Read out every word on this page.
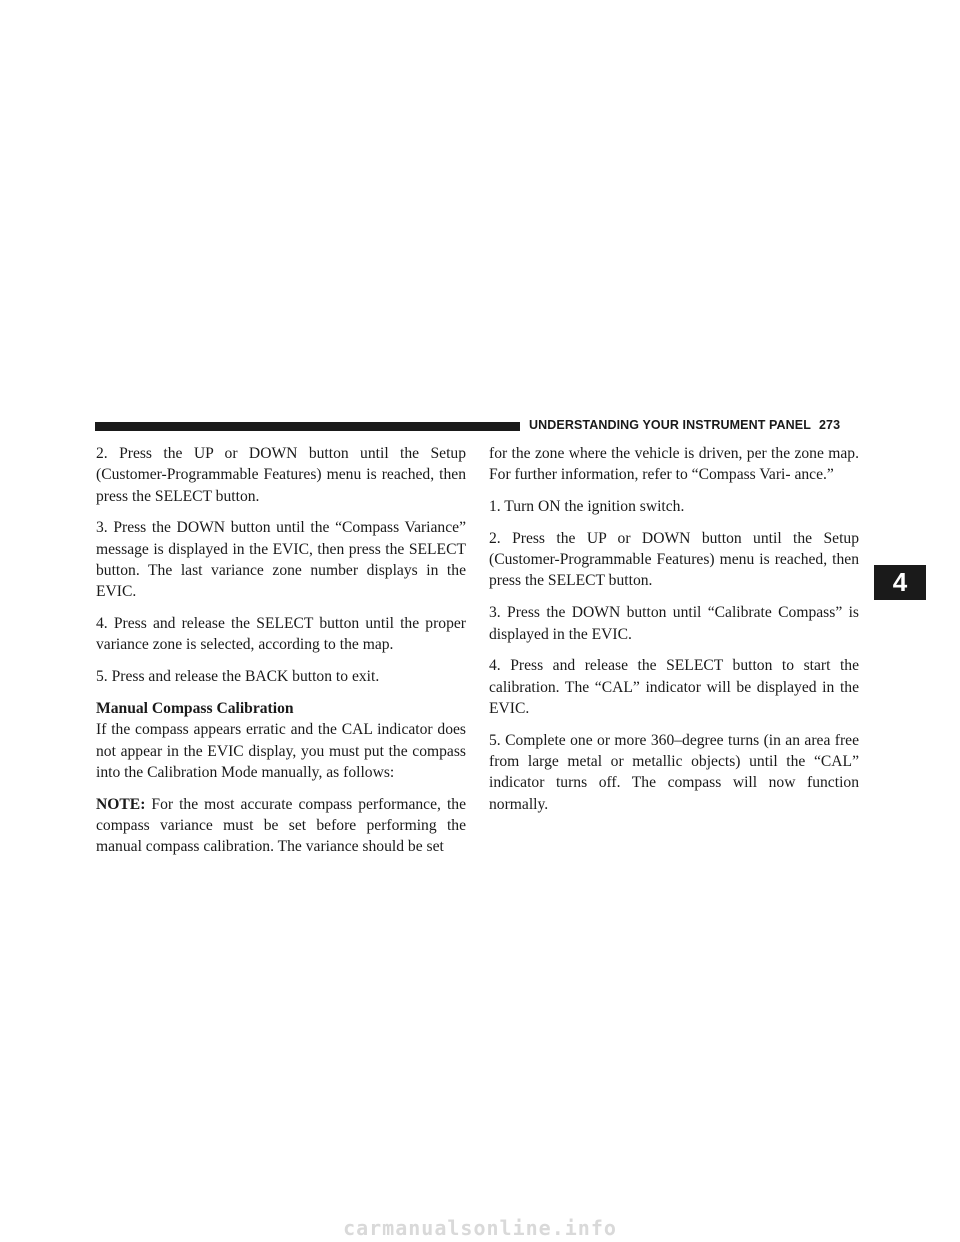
UNDERSTANDING YOUR INSTRUMENT PANEL 273

2. Press the UP or DOWN button until the Setup (Customer-Programmable Features) menu is reached, then press the SELECT button.

3. Press the DOWN button until the “Compass Variance” message is displayed in the EVIC, then press the SELECT button. The last variance zone number displays in the EVIC.

4. Press and release the SELECT button until the proper variance zone is selected, according to the map.

5. Press and release the BACK button to exit.

Manual Compass Calibration

If the compass appears erratic and the CAL indicator does not appear in the EVIC display, you must put the compass into the Calibration Mode manually, as follows:

NOTE: For the most accurate compass performance, the compass variance must be set before performing the manual compass calibration. The variance should be set

for the zone where the vehicle is driven, per the zone map. For further information, refer to “Compass Vari- ance.”

1. Turn ON the ignition switch.

2. Press the UP or DOWN button until the Setup (Customer-Programmable Features) menu is reached, then press the SELECT button.

3. Press the DOWN button until “Calibrate Compass” is displayed in the EVIC.

4. Press and release the SELECT button to start the calibration. The “CAL” indicator will be displayed in the EVIC.

5. Complete one or more 360–degree turns (in an area free from large metal or metallic objects) until the “CAL” indicator turns off. The compass will now function normally.

4
carmanualsonline.info
